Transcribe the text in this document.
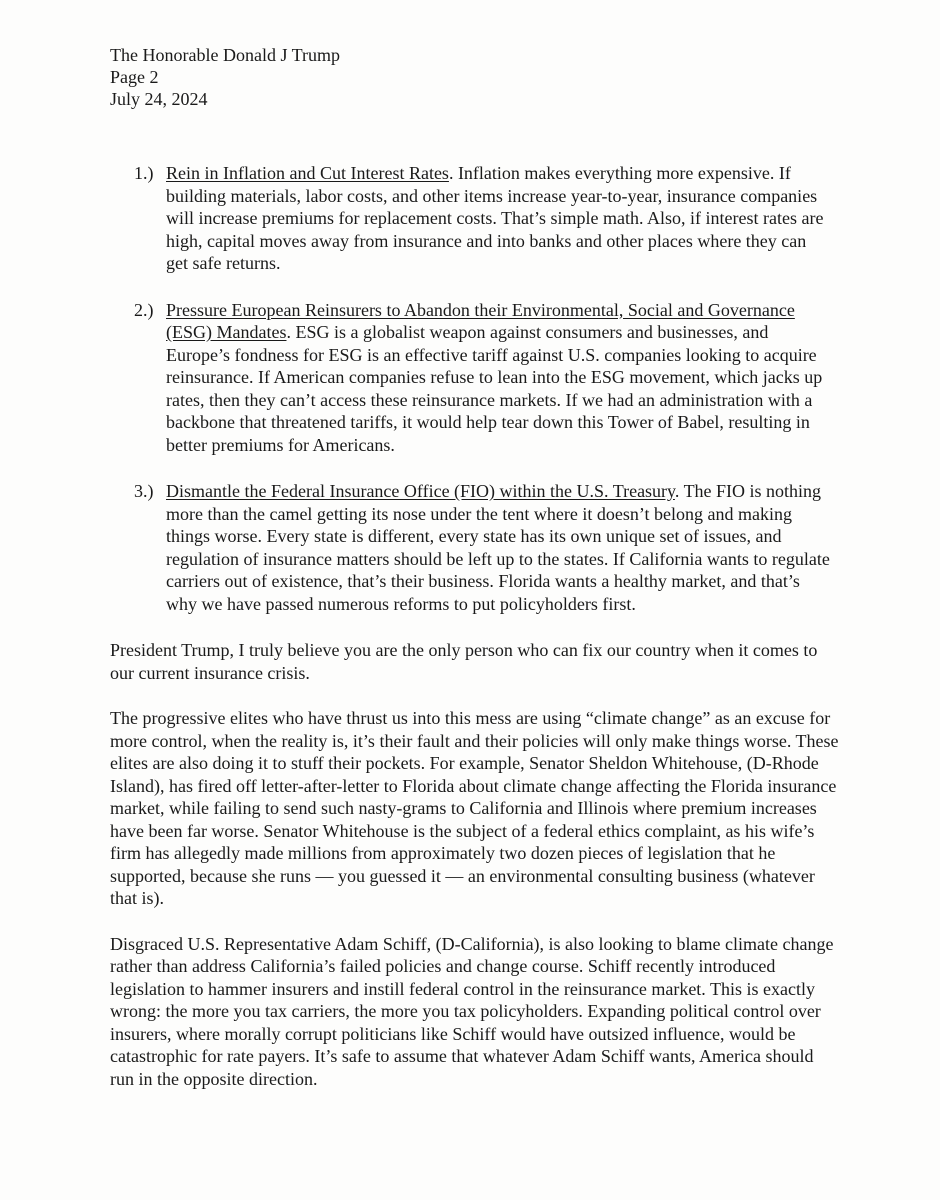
The Honorable Donald J Trump
Page 2
July 24, 2024
1.) Rein in Inflation and Cut Interest Rates. Inflation makes everything more expensive. If building materials, labor costs, and other items increase year-to-year, insurance companies will increase premiums for replacement costs. That’s simple math. Also, if interest rates are high, capital moves away from insurance and into banks and other places where they can get safe returns.
2.) Pressure European Reinsurers to Abandon their Environmental, Social and Governance (ESG) Mandates. ESG is a globalist weapon against consumers and businesses, and Europe’s fondness for ESG is an effective tariff against U.S. companies looking to acquire reinsurance. If American companies refuse to lean into the ESG movement, which jacks up rates, then they can’t access these reinsurance markets. If we had an administration with a backbone that threatened tariffs, it would help tear down this Tower of Babel, resulting in better premiums for Americans.
3.) Dismantle the Federal Insurance Office (FIO) within the U.S. Treasury. The FIO is nothing more than the camel getting its nose under the tent where it doesn’t belong and making things worse. Every state is different, every state has its own unique set of issues, and regulation of insurance matters should be left up to the states. If California wants to regulate carriers out of existence, that’s their business. Florida wants a healthy market, and that’s why we have passed numerous reforms to put policyholders first.

President Trump, I truly believe you are the only person who can fix our country when it comes to our current insurance crisis.

The progressive elites who have thrust us into this mess are using “climate change” as an excuse for more control, when the reality is, it’s their fault and their policies will only make things worse. These elites are also doing it to stuff their pockets. For example, Senator Sheldon Whitehouse, (D-Rhode Island), has fired off letter-after-letter to Florida about climate change affecting the Florida insurance market, while failing to send such nasty-grams to California and Illinois where premium increases have been far worse. Senator Whitehouse is the subject of a federal ethics complaint, as his wife’s firm has allegedly made millions from approximately two dozen pieces of legislation that he supported, because she runs — you guessed it — an environmental consulting business (whatever that is).

Disgraced U.S. Representative Adam Schiff, (D-California), is also looking to blame climate change rather than address California’s failed policies and change course. Schiff recently introduced legislation to hammer insurers and instill federal control in the reinsurance market. This is exactly wrong: the more you tax carriers, the more you tax policyholders. Expanding political control over insurers, where morally corrupt politicians like Schiff would have outsized influence, would be catastrophic for rate payers. It’s safe to assume that whatever Adam Schiff wants, America should run in the opposite direction.
